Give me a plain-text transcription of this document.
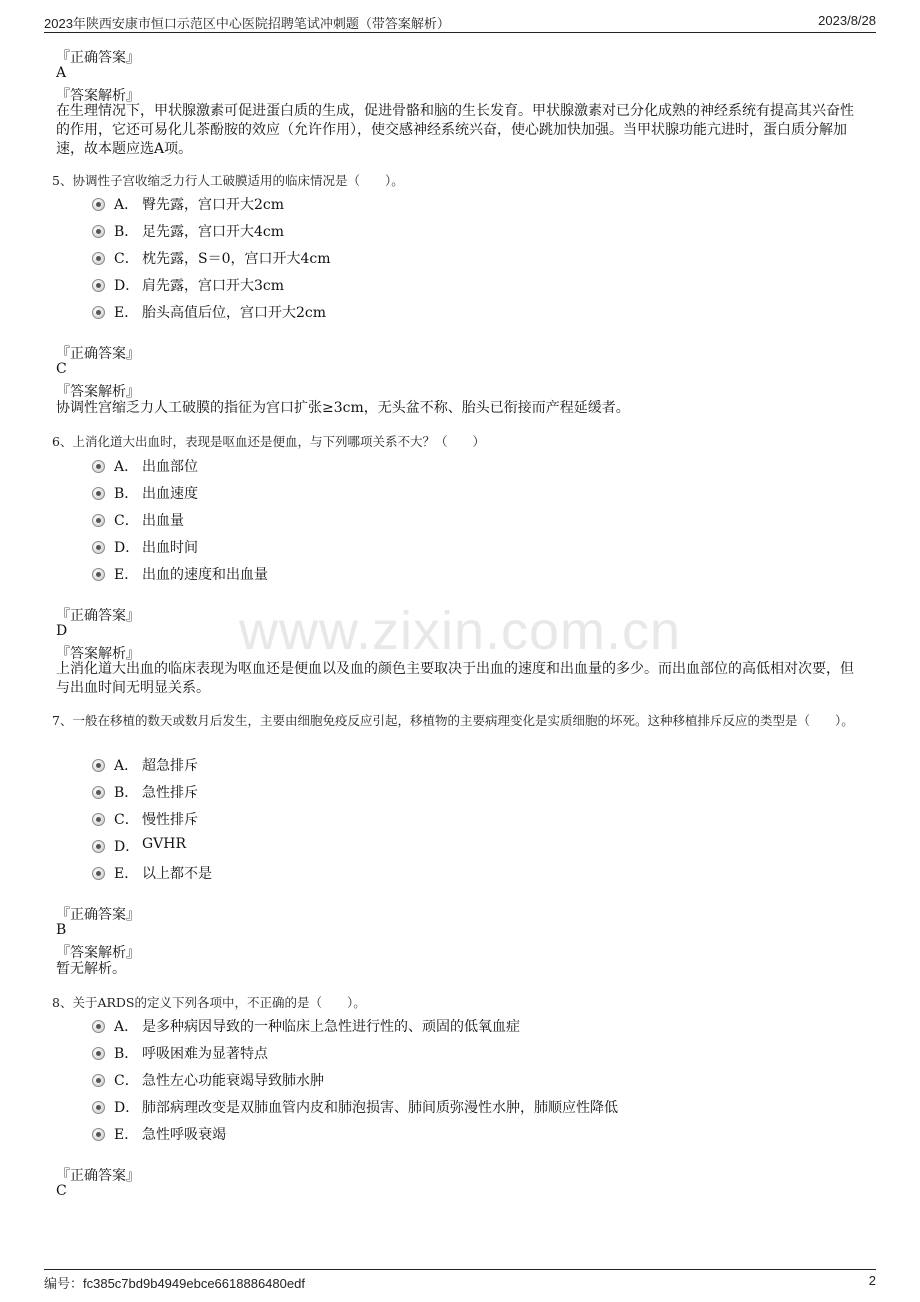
2023年陕西安康市恒口示范区中心医院招聘笔试冲刺题（带答案解析）	2023/8/28
www.zixin.com.cn
『正确答案』
A
『答案解析』
在生理情况下，甲状腺激素可促进蛋白质的生成，促进骨骼和脑的生长发育。甲状腺激素对已分化成熟的神经系统有提高其兴奋性的作用，它还可易化儿茶酚胺的效应（允许作用），使交感神经系统兴奋，使心跳加快加强。当甲状腺功能亢进时，蛋白质分解加速，故本题应选A项。
5、协调性子宫收缩乏力行人工破膜适用的临床情况是（　　）。
A． 臀先露，宫口开大2cm
B． 足先露，宫口开大4cm
C． 枕先露，S＝0，宫口开大4cm
D． 肩先露，宫口开大3cm
E． 胎头高值后位，宫口开大2cm
『正确答案』
C
『答案解析』
协调性宫缩乏力人工破膜的指征为宫口扩张≥3cm，无头盆不称、胎头已衔接而产程延缓者。
6、上消化道大出血时，表现是呕血还是便血，与下列哪项关系不大？（　　）
A． 出血部位
B． 出血速度
C． 出血量
D． 出血时间
E． 出血的速度和出血量
『正确答案』
D
『答案解析』
上消化道大出血的临床表现为呕血还是便血以及血的颜色主要取决于出血的速度和出血量的多少。而出血部位的高低相对次要，但与出血时间无明显关系。
7、一般在移植的数天或数月后发生，主要由细胞免疫反应引起，移植物的主要病理变化是实质细胞的坏死。这种移植排斥反应的类型是（　　）。
A． 超急排斥
B． 急性排斥
C． 慢性排斥
D． GVHR
E． 以上都不是
『正确答案』
B
『答案解析』
暂无解析。
8、关于ARDS的定义下列各项中，不正确的是（　　）。
A． 是多种病因导致的一种临床上急性进行性的、顽固的低氧血症
B． 呼吸困难为显著特点
C． 急性左心功能衰竭导致肺水肿
D． 肺部病理改变是双肺血管内皮和肺泡损害、肺间质弥漫性水肿，肺顺应性降低
E． 急性呼吸衰竭
『正确答案』
C
编号：fc385c7bd9b4949ebce6618886480edf	2
